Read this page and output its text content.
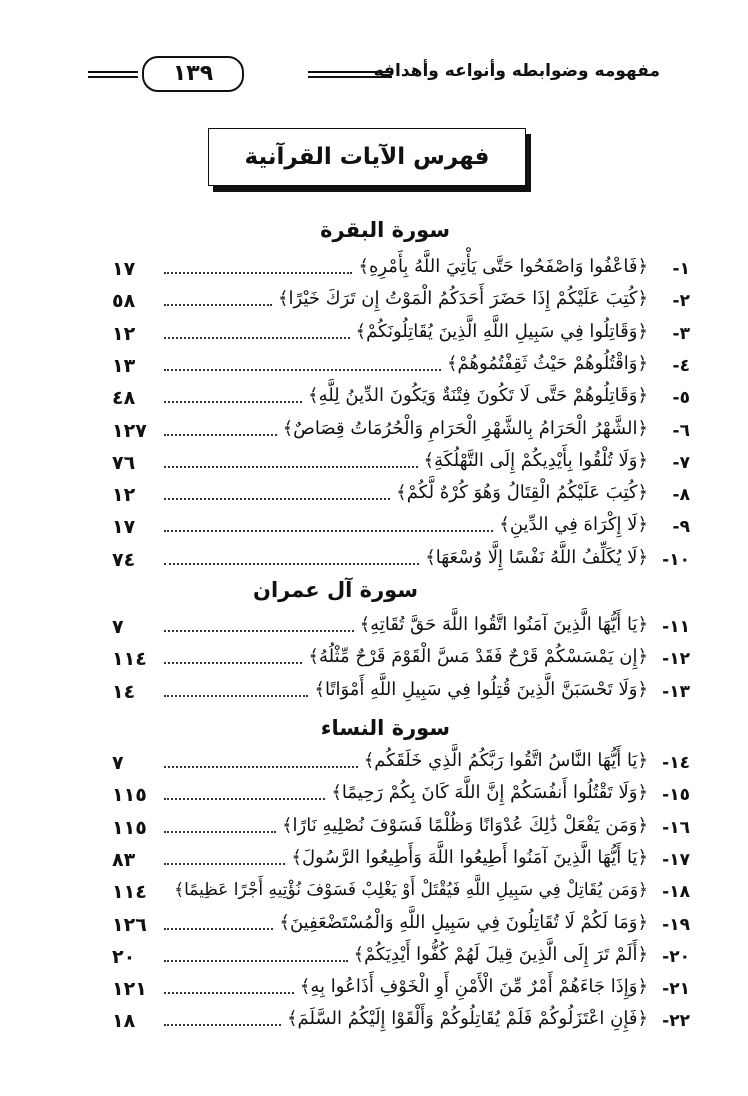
مفهومه وضوابطه وأنواعه وأهدافه
١٣٩
فهرس الآيات القرآنية
سورة البقرة
١-
﴿فَاعْفُوا وَاصْفَحُوا حَتَّى يَأْتِيَ اللَّهُ بِأَمْرِهِ﴾
١٧
٢-
﴿كُتِبَ عَلَيْكُمْ إِذَا حَضَرَ أَحَدَكُمُ الْمَوْتُ إِن تَرَكَ خَيْرًا﴾
٥٨
٣-
﴿وَقَاتِلُوا فِي سَبِيلِ اللَّهِ الَّذِينَ يُقَاتِلُونَكُمْ﴾
١٢
٤-
﴿وَاقْتُلُوهُمْ حَيْثُ ثَقِفْتُمُوهُمْ﴾
١٣
٥-
﴿وَقَاتِلُوهُمْ حَتَّى لَا تَكُونَ فِتْنَةٌ وَيَكُونَ الدِّينُ لِلَّهِ﴾
٤٨
٦-
﴿الشَّهْرُ الْحَرَامُ بِالشَّهْرِ الْحَرَامِ وَالْحُرُمَاتُ قِصَاصٌ﴾
١٢٧
٧-
﴿وَلَا تُلْقُوا بِأَيْدِيكُمْ إِلَى التَّهْلُكَةِ﴾
٧٦
٨-
﴿كُتِبَ عَلَيْكُمُ الْقِتَالُ وَهُوَ كُرْهٌ لَّكُمْ﴾
١٢
٩-
﴿لَا إِكْرَاهَ فِي الدِّينِ﴾
١٧
١٠-
﴿لَا يُكَلِّفُ اللَّهُ نَفْسًا إِلَّا وُسْعَهَا﴾
٧٤
سورة آل عمران
١١-
﴿يَا أَيُّهَا الَّذِينَ آمَنُوا اتَّقُوا اللَّهَ حَقَّ تُقَاتِهِ﴾
٧
١٢-
﴿إِن يَمْسَسْكُمْ قَرْحٌ فَقَدْ مَسَّ الْقَوْمَ قَرْحٌ مِّثْلُهُ﴾
١١٤
١٣-
﴿وَلَا تَحْسَبَنَّ الَّذِينَ قُتِلُوا فِي سَبِيلِ اللَّهِ أَمْوَاتًا﴾
١٤
سورة النساء
١٤-
﴿يَا أَيُّهَا النَّاسُ اتَّقُوا رَبَّكُمُ الَّذِي خَلَقَكُم﴾
٧
١٥-
﴿وَلَا تَقْتُلُوا أَنفُسَكُمْ إِنَّ اللَّهَ كَانَ بِكُمْ رَحِيمًا﴾
١١٥
١٦-
﴿وَمَن يَفْعَلْ ذَٰلِكَ عُدْوَانًا وَظُلْمًا فَسَوْفَ نُصْلِيهِ نَارًا﴾
١١٥
١٧-
﴿يَا أَيُّهَا الَّذِينَ آمَنُوا أَطِيعُوا اللَّهَ وَأَطِيعُوا الرَّسُولَ﴾
٨٣
١٨-
﴿وَمَن يُقَاتِلْ فِي سَبِيلِ اللَّهِ فَيُقْتَلْ أَوْ يَغْلِبْ فَسَوْفَ نُؤْتِيهِ أَجْرًا عَظِيمًا﴾
١١٤
١٩-
﴿وَمَا لَكُمْ لَا تُقَاتِلُونَ فِي سَبِيلِ اللَّهِ وَالْمُسْتَضْعَفِينَ﴾
١٢٦
٢٠-
﴿أَلَمْ تَرَ إِلَى الَّذِينَ قِيلَ لَهُمْ كُفُّوا أَيْدِيَكُمْ﴾
٢٠
٢١-
﴿وَإِذَا جَاءَهُمْ أَمْرٌ مِّنَ الْأَمْنِ أَوِ الْخَوْفِ أَذَاعُوا بِهِ﴾
١٢١
٢٢-
﴿فَإِنِ اعْتَزَلُوكُمْ فَلَمْ يُقَاتِلُوكُمْ وَأَلْقَوْا إِلَيْكُمُ السَّلَمَ﴾
١٨
